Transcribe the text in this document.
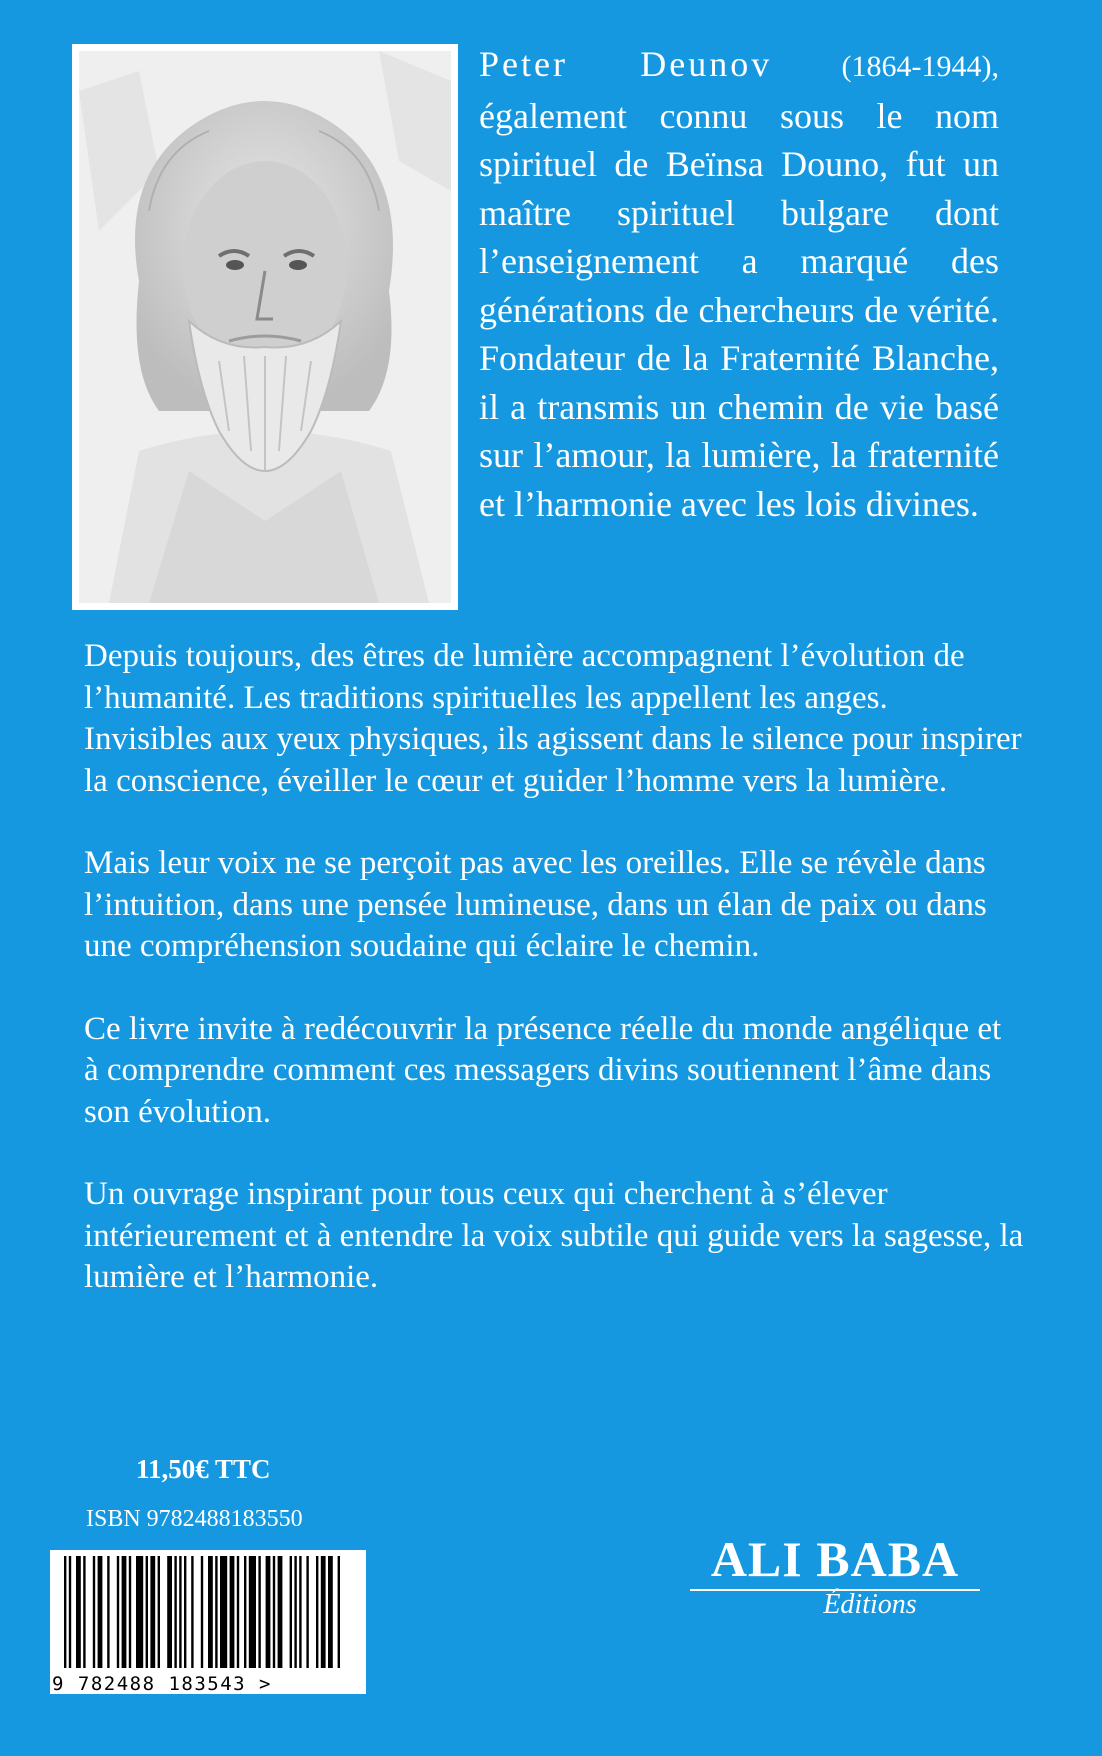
Peter Deunov (1864-1944), également connu sous le nom spirituel de Beïnsa Douno, fut un maître spirituel bulgare dont l’enseignement a marqué des générations de chercheurs de vérité. Fondateur de la Fraternité Blanche, il a transmis un chemin de vie basé sur l’amour, la lumière, la fraternité et l’harmonie avec les lois divines.

Depuis toujours, des êtres de lumière accompagnent l’évolution de l’humanité. Les traditions spirituelles les appellent les anges. Invisibles aux yeux physiques, ils agissent dans le silence pour inspirer la conscience, éveiller le cœur et guider l’homme vers la lumière.

Mais leur voix ne se perçoit pas avec les oreilles. Elle se révèle dans l’intuition, dans une pensée lumineuse, dans un élan de paix ou dans une compréhension soudaine qui éclaire le chemin.

Ce livre invite à redécouvrir la présence réelle du monde angélique et à comprendre comment ces messagers divins soutiennent l’âme dans son évolution.

Un ouvrage inspirant pour tous ceux qui cherchent à s’élever intérieurement et à entendre la voix subtile qui guide vers la sagesse, la lumière et l’harmonie.

11,50€ TTC
ISBN 9782488183550
9 782488 183543 >
ALI BABA
Éditions
